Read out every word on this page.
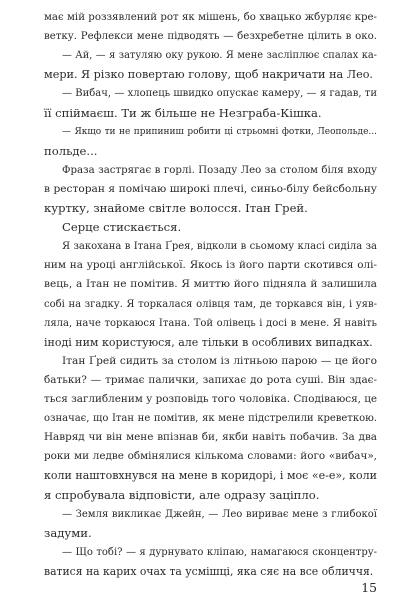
має мій роззявлений рот як мішень, бо хвацько жбурляє кре-
ветку. Рефлекси мене підводять — безхребетне цілить в око.
— Ай, — я затуляю оку рукою. Я мене засліплює спалах ка-
мери. Я різко повертаю голову, щоб накричати на Лео.
— Вибач, — хлопець швидко опускає камеру, — я гадав, ти
її спіймаєш. Ти ж більше не Незграба-Кішка.
— Якщо ти не припиниш робити ці стрьомні фотки, Леопольде...
польде...
Фраза застрягає в горлі. Позаду Лео за столом біля входу
в ресторан я помічаю широкі плечі, синьо-білу бейсбольну
куртку, знайоме світле волосся. Ітан Грей.
Серце стискається.
Я закохана в Ітана Ґрея, відколи в сьомому класі сиділа за
ним на уроці англійської. Якось із його парти скотився олі-
вець, а Ітан не помітив. Я миттю його підняла й залишила
собі на згадку. Я торкалася олівця там, де торкався він, і уяв-
ляла, наче торкаюся Ітана. Той олівець і досі в мене. Я навіть
іноді ним користуюся, але тільки в особливих випадках.
Ітан Ґрей сидить за столом із літньою парою — це його
батьки? — тримає палички, запихає до рота суші. Він здає-
ться заглибленим у розповідь того чоловіка. Сподіваюся, це
означає, що Ітан не помітив, як мене підстрелили креветкою.
Навряд чи він мене впізнав би, якби навіть побачив. За два
роки ми ледве обмінялися кількома словами: його «вибач»,
коли наштовхнувся на мене в коридорі, і моє «е-е», коли
я спробувала відповісти, але одразу заціпло.
— Земля викликає Джейн, — Лео вириває мене з глибокої
задуми.
— Що тобі? — я дурнувато кліпаю, намагаюся сконцентру-
ватися на карих очах та усмішці, яка сяє на все обличчя.
15
